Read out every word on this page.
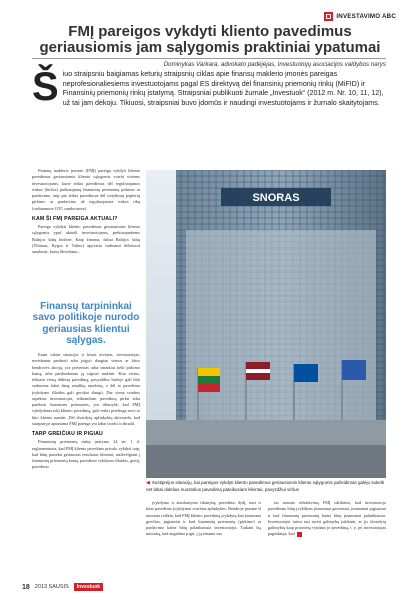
INVESTAVIMO ABC
FMĮ pareigos vykdyti kliento pavedimus
geriausiomis jam sąlygomis praktiniai ypatumai
Dominykas Varkara, advokato padėjėjas, Investuotojų asociacijos valdybos narys
Š iuo straipsniu baigiamas keturių straipsnių ciklas apie finansų maklerio įmonės pareigas neprofesionaliesiems investuotojams pagal ES direktyvą dėl finansinių priemonių rinkų (MiFID) ir Finansinių priemonių rinkų įstatymą. Straipsniai publikuoti žurnale „Investuok“ (2012 m. Nr. 10, 11, 12), už tai jam dėkoju. Tikiuosi, straipsniai buvo įdomūs ir naudingi investuotojams ir žurnalo skaitytojams.

Finansų maklerio įmonės (FMĮ) pareiga vykdyti kliento pavedimus geriausiomis kliento sąlygomis svarbi visiems investuotojams, kurie teikia pavedimus dėl reguliuojamos rinkos (biržos) prekiaujamų finansinių priemonių pirkimo ar pardavimo, taip pat teikia pavedimus dėl tretybinių popierių pirkimo ar pardavimo už reguliuojamos rinkos ribų (vadinamose OTC sandoriuose).

KAM ŠI FMĮ PAREIGA AKTUALI?

Pareiga vykdyti kliento pavedimus geriausiomis kliento sąlygomis ypač aktuali investuotojams, prekiaujantiems Baltijos šalių biržose. Kaip žinoma, daliai Baltijos šalių (Vilniaus, Rygos ir Talino) apyvarta vadinami debetuoti sandoriai, kurių likviduma...

Finansų tarpininkai savo politikoje nurodo geriausias klientui sąlygas.

Esant tokiai situacijai ir kitais atvejais, investuotojas, norėdamas parduoti arba įsigyti daugiau vienos ar kitos bendrovės akcijų, yra priverstas arba smarkiai kelti pirkimo kainą, arba parduodamas ją stipriai mažinti. Kita vertus, teikiant vieną didesnį pavedimą, pavyzdžiui biržoje gali būti sudaroma labai daug smulkių sandorių, o dėl to pavedimo įvykdymo išlaidos gali gerokai išaugti. Dar viena svarbus aspektas investuotojui, teikiančiam pavedimą pirkti arba parduoti finansines priemones, yra tikimybė, kad FMĮ vykdydama tokį kliento pavedimą, gali veikti priešinga savo ar kito kliento naudai. Dėl išvardytų aplinkybių akivaizdu, kad straipsnyje aptariama FMĮ pareiga yra labai svarbi ir aktuali.

TARP GREIČIAU IR PIGIAU

Finansinių priemonių rinkų įstatymo 24 str. 1 d. reglamentuota, kad FMĮ kliento pavedimo privalo vykdyti taip, kad būtų pasiekti geriausias rezultatas klientui, atsižvelgiant į finansinių priemonių kainą, pavedimo vykdymo išlaidas, greitį, pavedimo

SNORAS
◀ Sustiprėjus situacijų, kai pareigos vykdyti kliento pavedimus geriausiomis kliento sąlygomis pažeidimas galėjo sukelti net labai didelius nuostolius pavedimą pateikusiam klientui, pavyzdžiui viršus

įvykdymo ir atsiskaitymo tikimybę, pavedimo dydį, tarsi ir kitas pavedimo įvykdymui svarbias aplinkybes. Bendroje prasme ši nuostata reiškia, kad FMĮ kliento pavedimą įvykdytų kuo įmanoma greičiau, pigiausiai ir kad finansinių priemonių (pirkimo) ar pardavimo kaina būtų palankiausia investuotojui. Taikant šią nuostatą, kad angalima įrigti, į ją einama suo

tas nustato reikalavimą FMĮ užtikrinti, kad investuotojo pavedimas būtų įvykdytas įmanomai geriausiai, įmanomai pigiausiai ir kad finansinių priemonių kaina būtų įmanomai palankiausia. Investuotojui turint tasi turėti galimybę įsitikinti, ar jis išvardytų galimybių kaip prioritetą vykdant jo pavedimą, t. y. jei investuotojas pageidauja, kad

18 2013 SAUSIS	Investuok
